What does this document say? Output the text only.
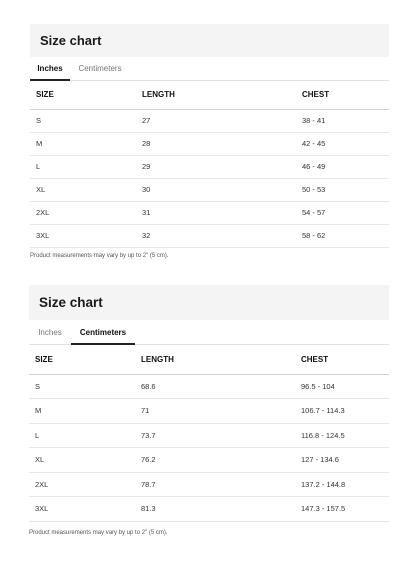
Size chart
Inches	Centimeters
SIZE	LENGTH	CHEST
S	27	38 - 41
M	28	42 - 45
L	29	46 - 49
XL	30	50 - 53
2XL	31	54 - 57
3XL	32	58 - 62
Product measurements may vary by up to 2" (5 cm).
Size chart
Inches	Centimeters
SIZE	LENGTH	CHEST
S	68.6	96.5 - 104
M	71	106.7 - 114.3
L	73.7	116.8 - 124.5
XL	76.2	127 - 134.6
2XL	78.7	137.2 - 144.8
3XL	81.3	147.3 - 157.5
Product measurements may vary by up to 2" (5 cm).
